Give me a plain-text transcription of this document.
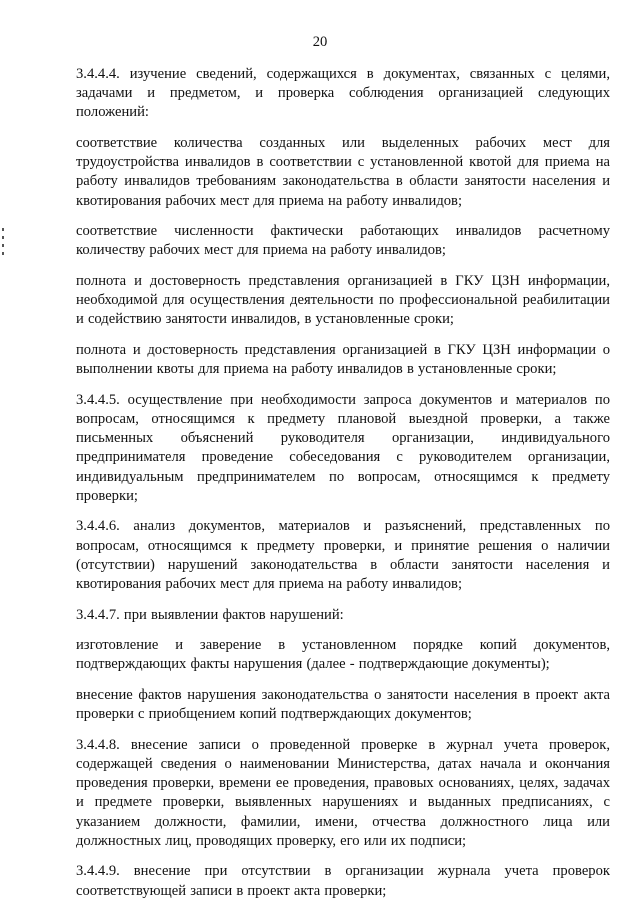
20

3.4.4.4. изучение сведений, содержащихся в документах, связанных с целями, задачами и предметом, и проверка соблюдения организацией следующих положений:

соответствие количества созданных или выделенных рабочих мест для трудоустройства инвалидов в соответствии с установленной квотой для приема на работу инвалидов требованиям законодательства в области занятости населения и квотирования рабочих мест для приема на работу инвалидов;

соответствие численности фактически работающих инвалидов расчетному количеству рабочих мест для приема на работу инвалидов;

полнота и достоверность представления организацией в ГКУ ЦЗН информации, необходимой для осуществления деятельности по профессиональной реабилитации и содействию занятости инвалидов, в установленные сроки;

полнота и достоверность представления организацией в ГКУ ЦЗН информации о выполнении квоты для приема на работу инвалидов в установленные сроки;

3.4.4.5. осуществление при необходимости запроса документов и материалов по вопросам, относящимся к предмету плановой выездной проверки, а также письменных объяснений руководителя организации, индивидуального предпринимателя проведение собеседования с руководителем организации, индивидуальным предпринимателем по вопросам, относящимся к предмету проверки;

3.4.4.6. анализ документов, материалов и разъяснений, представленных по вопросам, относящимся к предмету проверки, и принятие решения о наличии (отсутствии) нарушений законодательства в области занятости населения и квотирования рабочих мест для приема на работу инвалидов;

3.4.4.7. при выявлении фактов нарушений:

изготовление и заверение в установленном порядке копий документов, подтверждающих факты нарушения (далее - подтверждающие документы);

внесение фактов нарушения законодательства о занятости населения в проект акта проверки с приобщением копий подтверждающих документов;

3.4.4.8. внесение записи о проведенной проверке в журнал учета проверок, содержащей сведения о наименовании Министерства, датах начала и окончания проведения проверки, времени ее проведения, правовых основаниях, целях, задачах и предмете проверки, выявленных нарушениях и выданных предписаниях, с указанием должности, фамилии, имени, отчества должностного лица или должностных лиц, проводящих проверку, его или их подписи;

3.4.4.9. внесение при отсутствии в организации журнала учета проверок соответствующей записи в проект акта проверки;
